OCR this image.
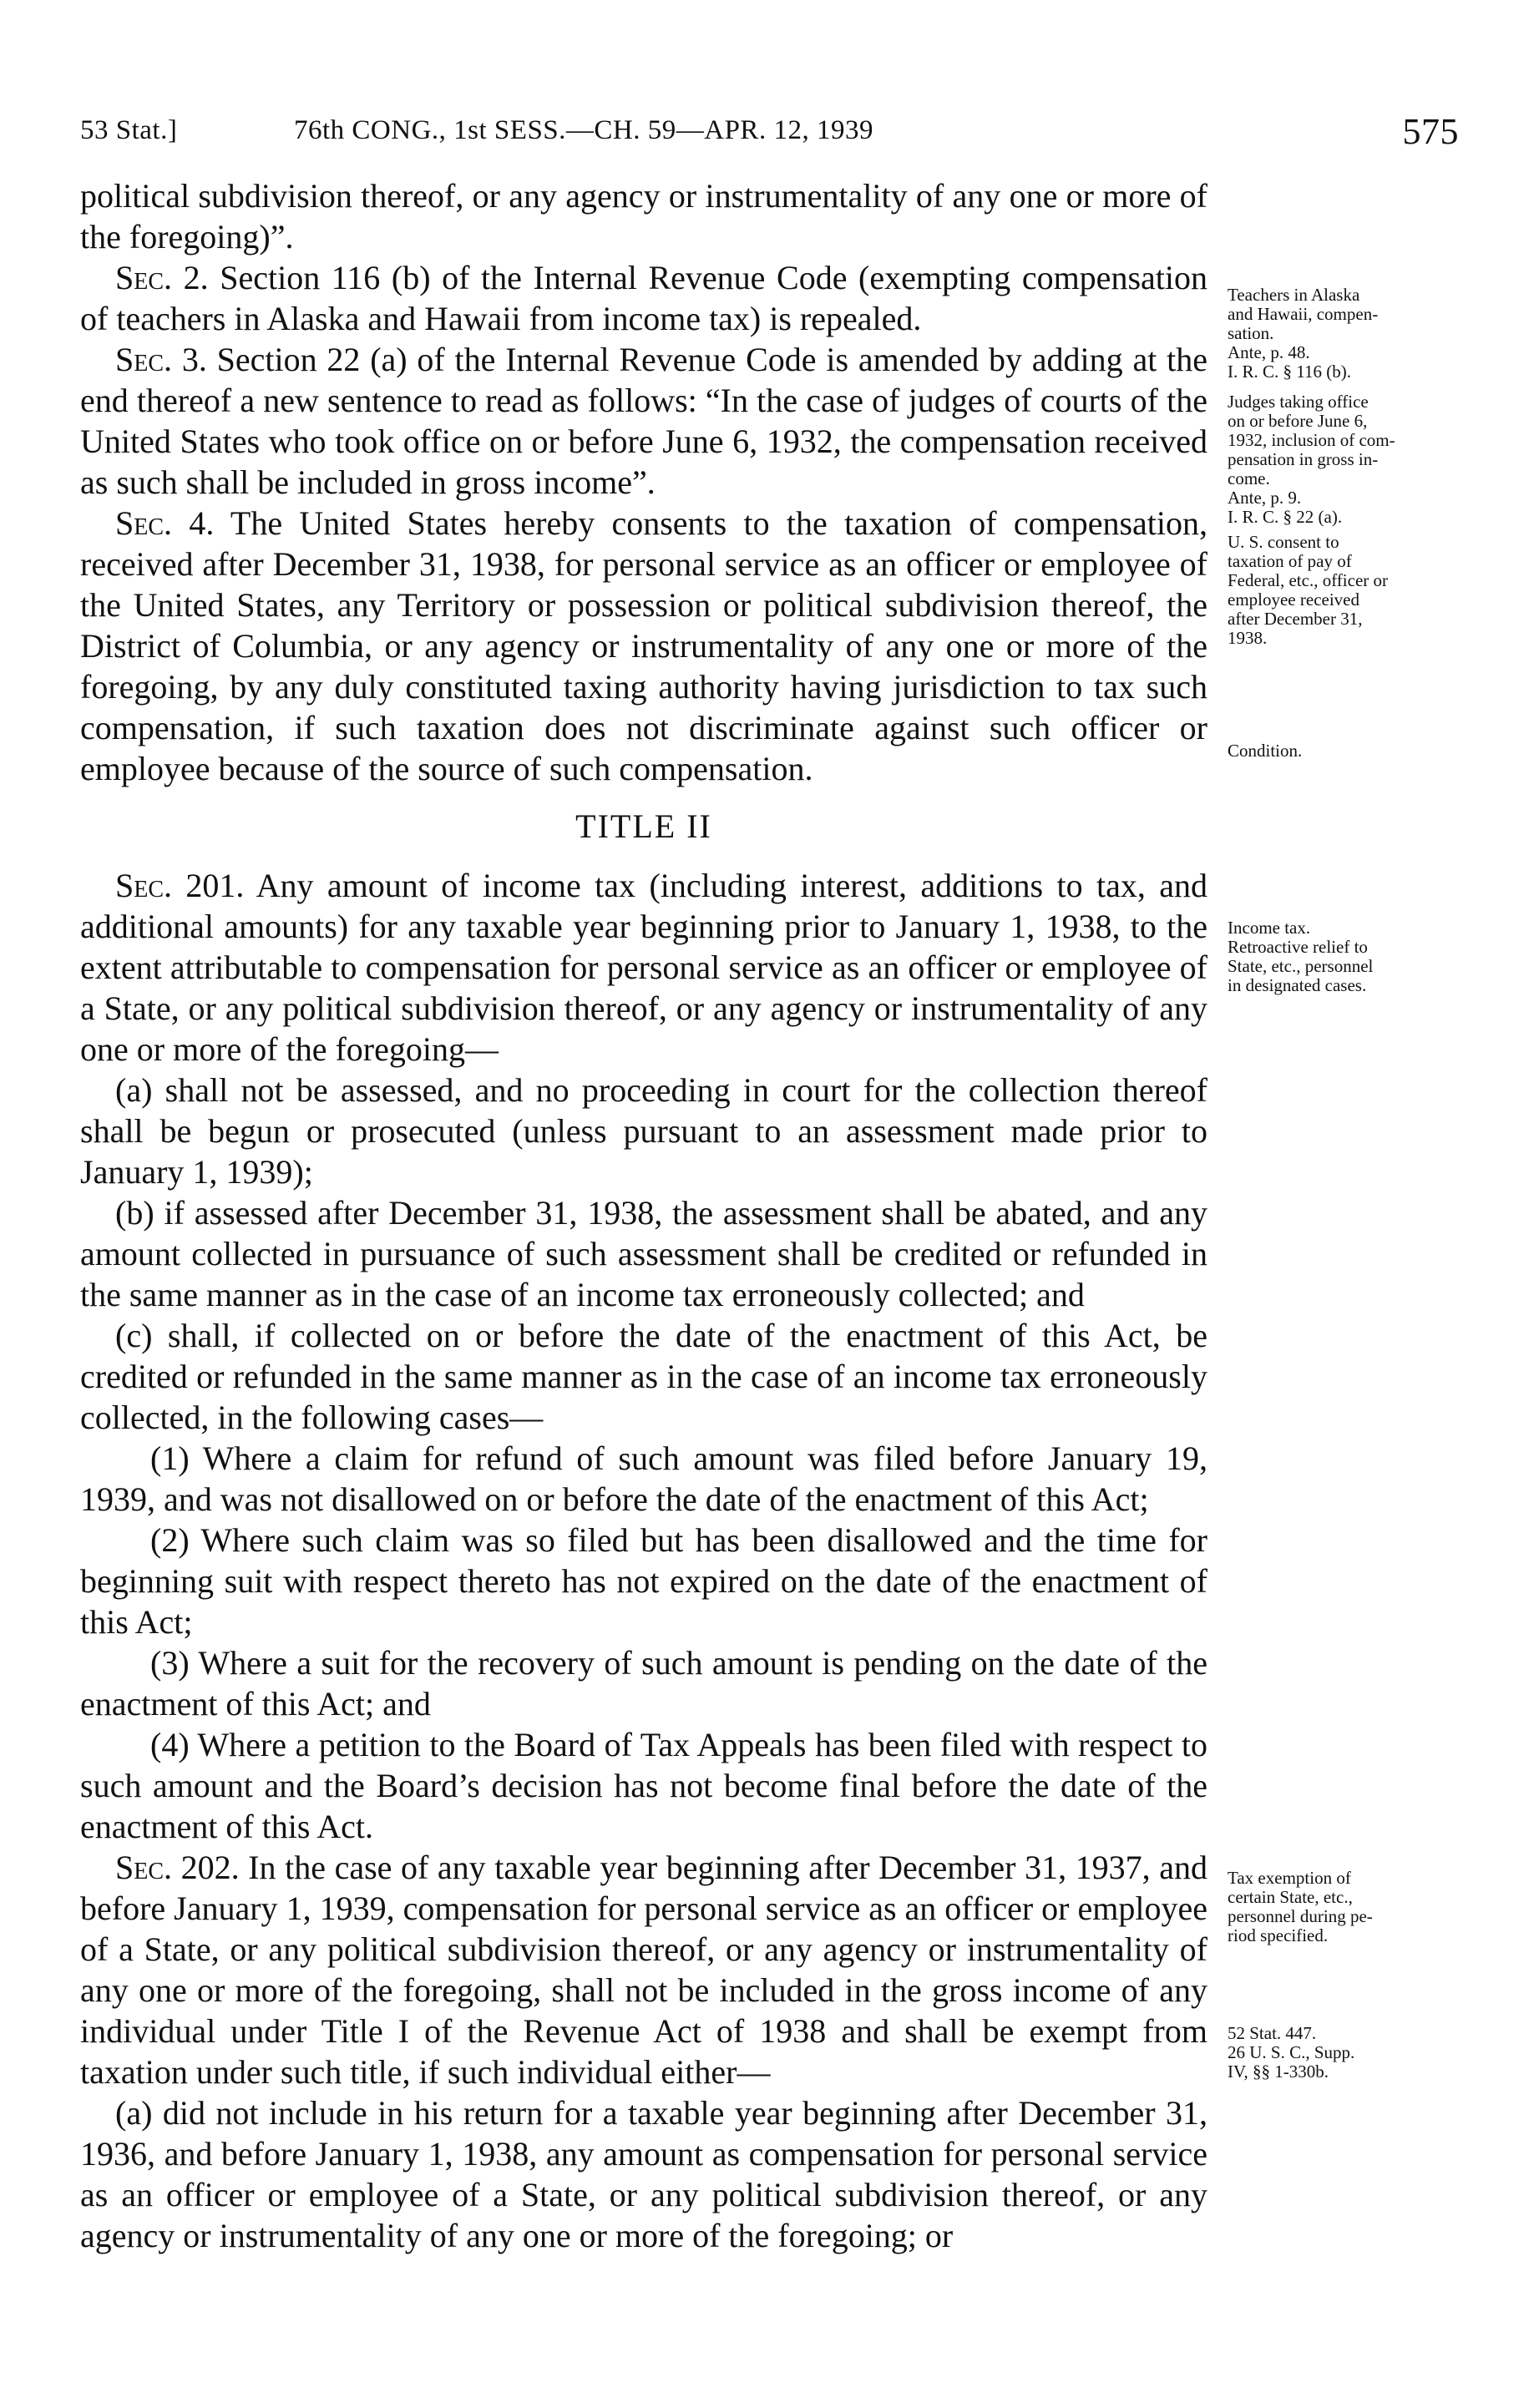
53 Stat.]	76th CONG., 1st SESS.—CH. 59—APR. 12, 1939	575

political subdivision thereof, or any agency or instrumentality of any one or more of the foregoing)”.

Sec. 2. Section 116 (b) of the Internal Revenue Code (exempting compensation of teachers in Alaska and Hawaii from income tax) is repealed.

Sec. 3. Section 22 (a) of the Internal Revenue Code is amended by adding at the end thereof a new sentence to read as follows: “In the case of judges of courts of the United States who took office on or before June 6, 1932, the compensation received as such shall be included in gross income”.

Sec. 4. The United States hereby consents to the taxation of compensation, received after December 31, 1938, for personal service as an officer or employee of the United States, any Territory or possession or political subdivision thereof, the District of Columbia, or any agency or instrumentality of any one or more of the foregoing, by any duly constituted taxing authority having jurisdiction to tax such compensation, if such taxation does not discriminate against such officer or employee because of the source of such compensation.

TITLE II

Sec. 201. Any amount of income tax (including interest, additions to tax, and additional amounts) for any taxable year beginning prior to January 1, 1938, to the extent attributable to compensation for personal service as an officer or employee of a State, or any political subdivision thereof, or any agency or instrumentality of any one or more of the foregoing—

(a) shall not be assessed, and no proceeding in court for the collection thereof shall be begun or prosecuted (unless pursuant to an assessment made prior to January 1, 1939);

(b) if assessed after December 31, 1938, the assessment shall be abated, and any amount collected in pursuance of such assessment shall be credited or refunded in the same manner as in the case of an income tax erroneously collected; and

(c) shall, if collected on or before the date of the enactment of this Act, be credited or refunded in the same manner as in the case of an income tax erroneously collected, in the following cases—

(1) Where a claim for refund of such amount was filed before January 19, 1939, and was not disallowed on or before the date of the enactment of this Act;

(2) Where such claim was so filed but has been disallowed and the time for beginning suit with respect thereto has not expired on the date of the enactment of this Act;

(3) Where a suit for the recovery of such amount is pending on the date of the enactment of this Act; and

(4) Where a petition to the Board of Tax Appeals has been filed with respect to such amount and the Board’s decision has not become final before the date of the enactment of this Act.

Sec. 202. In the case of any taxable year beginning after December 31, 1937, and before January 1, 1939, compensation for personal service as an officer or employee of a State, or any political subdivision thereof, or any agency or instrumentality of any one or more of the foregoing, shall not be included in the gross income of any individual under Title I of the Revenue Act of 1938 and shall be exempt from taxation under such title, if such individual either—

(a) did not include in his return for a taxable year beginning after December 31, 1936, and before January 1, 1938, any amount as compensation for personal service as an officer or employee of a State, or any political subdivision thereof, or any agency or instrumentality of any one or more of the foregoing; or

Teachers in Alaska
and Hawaii, compen-
sation.
Ante, p. 48.
I. R. C. § 116 (b).
Judges taking office
on or before June 6,
1932, inclusion of com-
pensation in gross in-
come.
Ante, p. 9.
I. R. C. § 22 (a).
U. S. consent to
taxation of pay of
Federal, etc., officer or
employee received
after December 31,
1938.
Condition.
Income tax.
Retroactive relief to
State, etc., personnel
in designated cases.
Tax exemption of
certain State, etc.,
personnel during pe-
riod specified.
52 Stat. 447.
26 U. S. C., Supp.
IV, §§ 1-330b.
